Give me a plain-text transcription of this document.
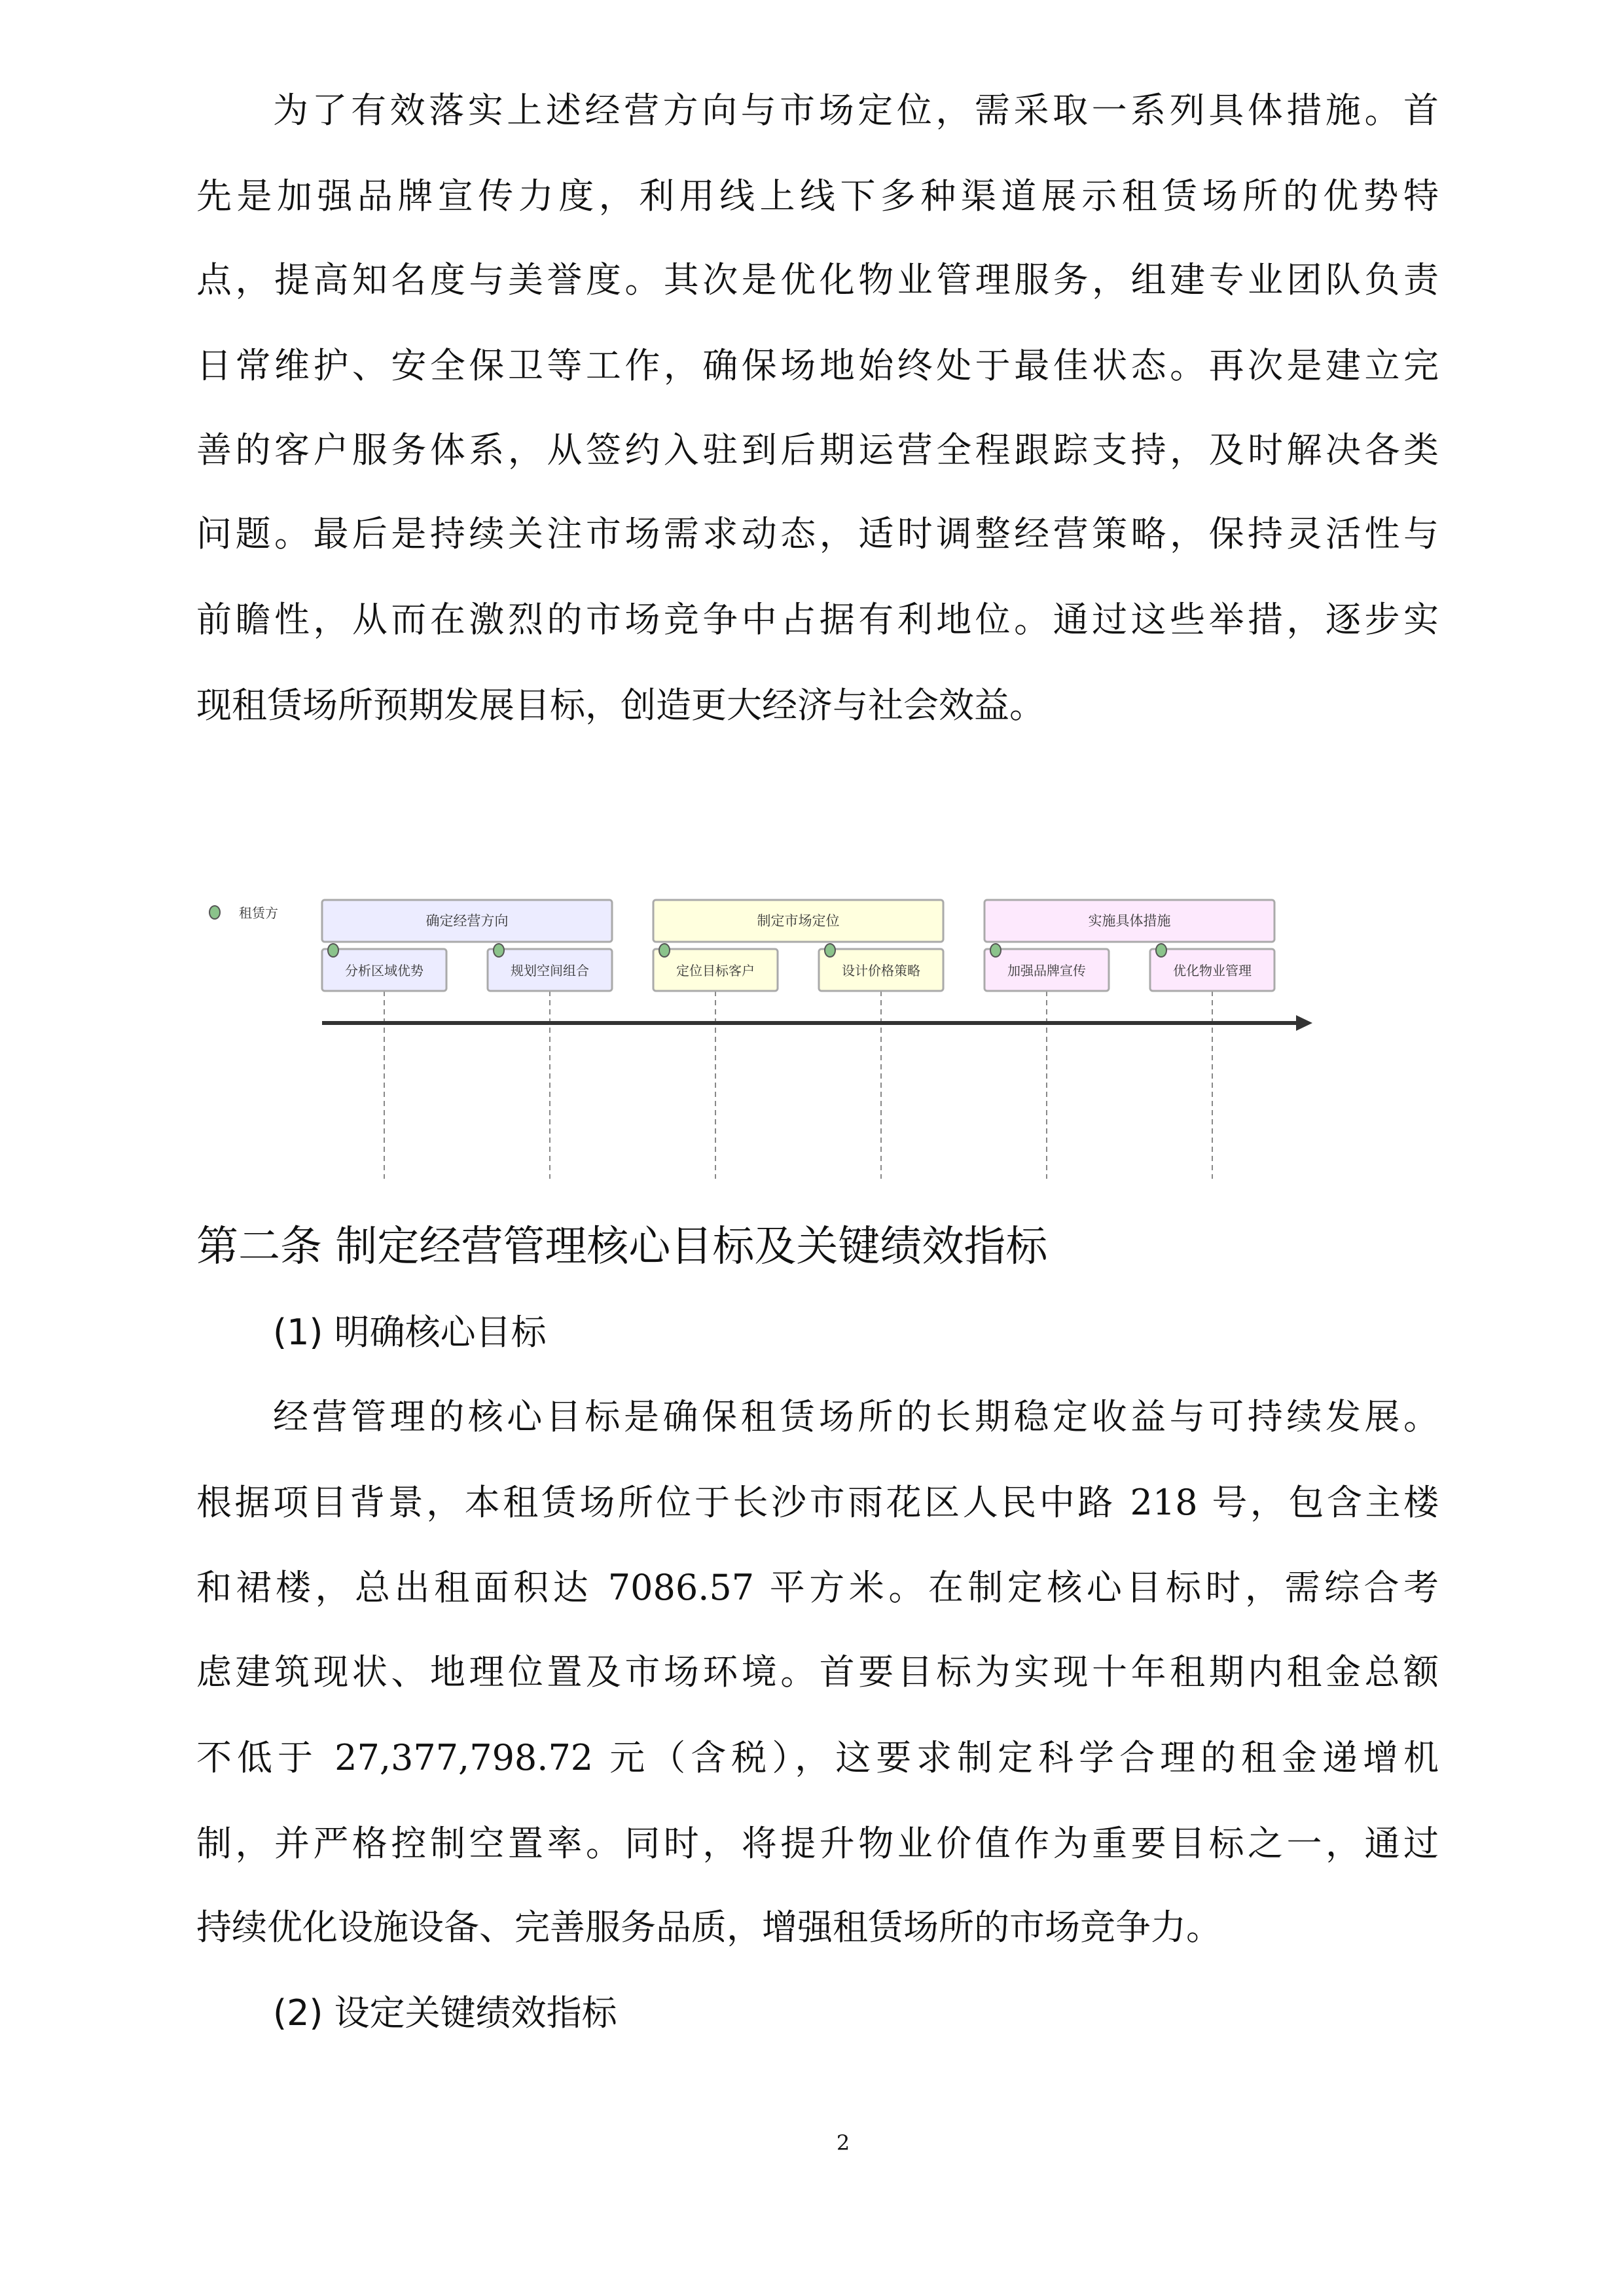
为了有效落实上述经营方向与市场定位，需采取一系列具体措施。首
先是加强品牌宣传力度，利用线上线下多种渠道展示租赁场所的优势特
点，提高知名度与美誉度。其次是优化物业管理服务，组建专业团队负责
日常维护、安全保卫等工作，确保场地始终处于最佳状态。再次是建立完
善的客户服务体系，从签约入驻到后期运营全程跟踪支持，及时解决各类
问题。最后是持续关注市场需求动态，适时调整经营策略，保持灵活性与
前瞻性，从而在激烈的市场竞争中占据有利地位。通过这些举措，逐步实
现租赁场所预期发展目标，创造更大经济与社会效益。
租赁方	确定经营方向
分析区域优势	规划空间组合
制定市场定位
定位目标客户	设计价格策略
实施具体措施
加强品牌宣传	优化物业管理
第二条 制定经营管理核心目标及关键绩效指标
(1) 明确核心目标
经营管理的核心目标是确保租赁场所的长期稳定收益与可持续发展。
根据项目背景，本租赁场所位于长沙市雨花区人民中路 218 号，包含主楼
和裙楼，总出租面积达 7086.57 平方米。在制定核心目标时，需综合考
虑建筑现状、地理位置及市场环境。首要目标为实现十年租期内租金总额
不低于 27,377,798.72 元（含税），这要求制定科学合理的租金递增机
制，并严格控制空置率。同时，将提升物业价值作为重要目标之一，通过
持续优化设施设备、完善服务品质，增强租赁场所的市场竞争力。
(2) 设定关键绩效指标
2
